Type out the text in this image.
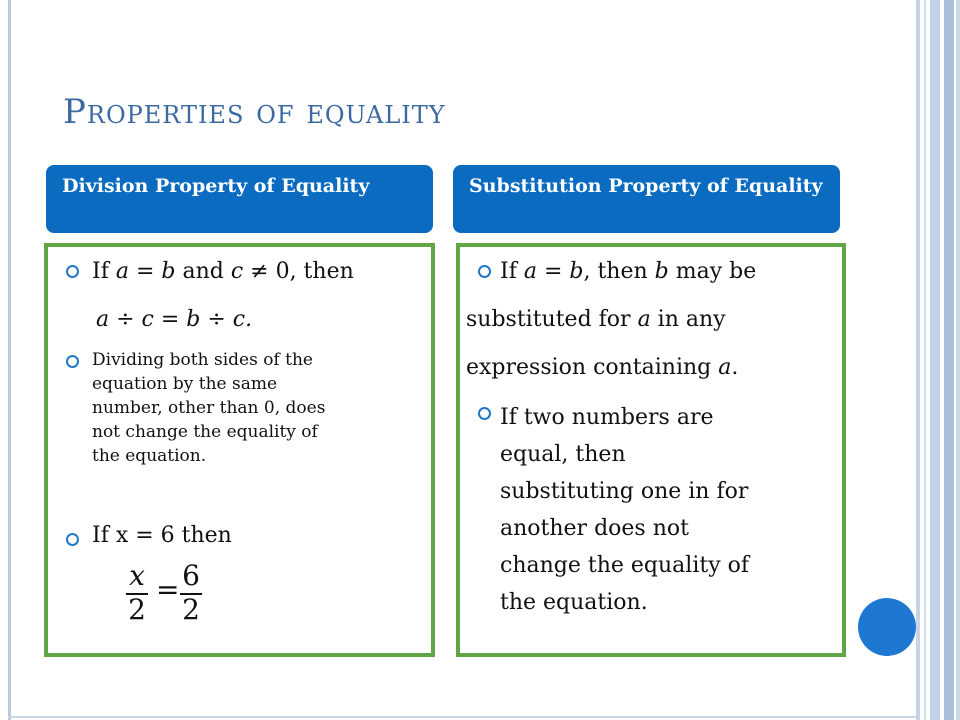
Properties of equality
Division Property of Equality
If a = b and c ≠ 0, then
a ÷ c = b ÷ c.
Dividing both sides of the
equation by the same
number, other than 0, does
not change the equality of
the equation.
If x = 6 then
x
2
= 6
2
Substitution Property of Equality
If a = b, then b may be
substituted for a in any
expression containing a.
If two numbers are
equal, then
substituting one in for
another does not
change the equality of
the equation.
